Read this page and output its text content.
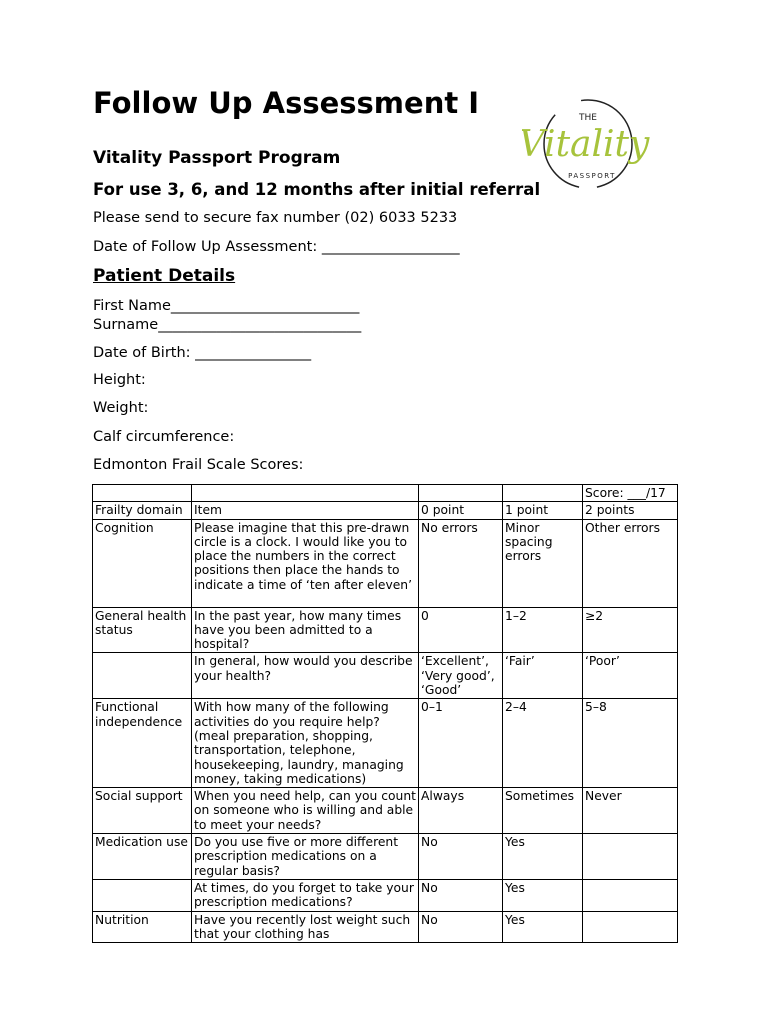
Follow Up Assessment I	THE
Vitality
PASSPORT
Vitality Passport Program
For use 3, 6, and 12 months after initial referral
Please send to secure fax number (02) 6033 5233
Date of Follow Up Assessment: ___________________
Patient Details
First Name__________________________
Surname____________________________
Date of Birth: ________________
Height:
Weight:
Calf circumference:
Edmonton Frail Scale Scores:
				Score: ___/17
Frailty domain	Item	0 point	1 point	2 points
Cognition	Please imagine that this pre-drawn circle is a clock. I would like you to place the numbers in the correct positions then place the hands to indicate a time of ‘ten after eleven’	No errors	Minor spacing errors	Other errors
General health status	In the past year, how many times have you been admitted to a hospital?	0	1–2	≥2
	In general, how would you describe your health?	‘Excellent’, ‘Very good’, ‘Good’	‘Fair’	‘Poor’
Functional independence	With how many of the following activities do you require help? (meal preparation, shopping, transportation, telephone, housekeeping, laundry, managing money, taking medications)	0–1	2–4	5–8
Social support	When you need help, can you count on someone who is willing and able to meet your needs?	Always	Sometimes	Never
Medication use	Do you use five or more different prescription medications on a regular basis?	No	Yes	
	At times, do you forget to take your prescription medications?	No	Yes	
Nutrition	Have you recently lost weight such that your clothing has	No	Yes	
